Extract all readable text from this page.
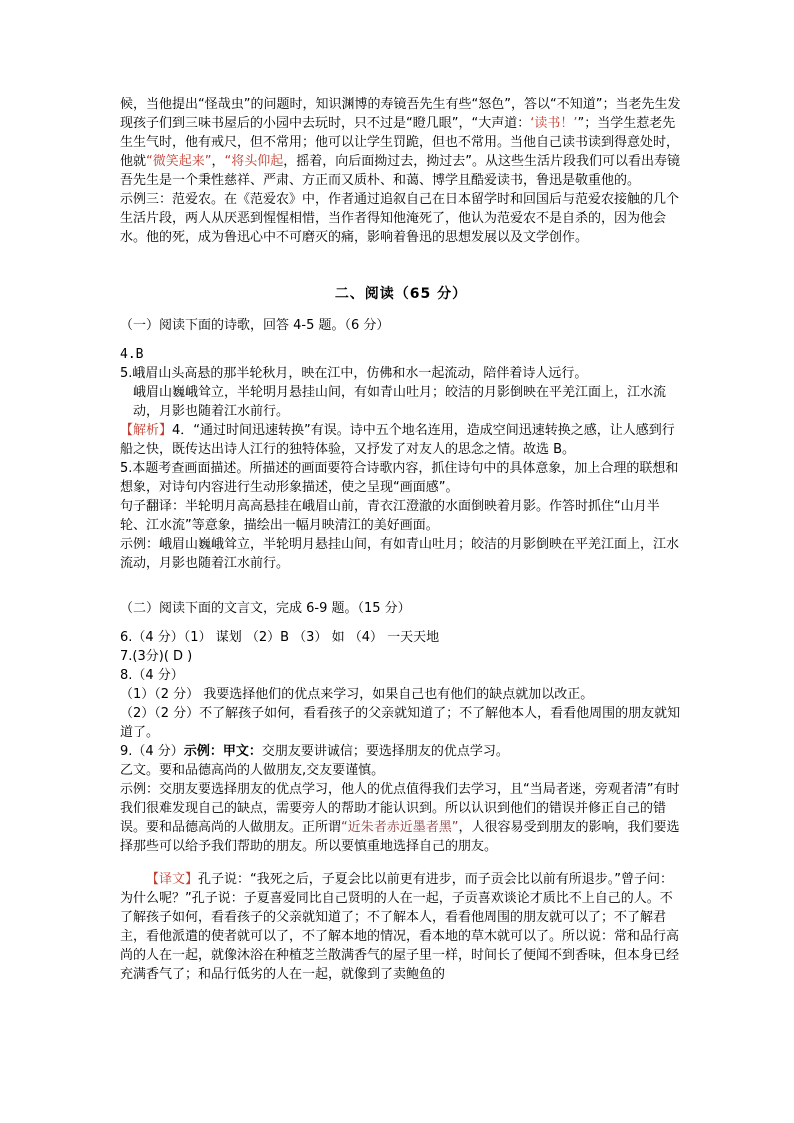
候，当他提出“怪哉虫”的问题时，知识渊博的寿镜吾先生有些“怒色”，答以“不知道”；当老先生发现孩子们到三味书屋后的小园中去玩时，只不过是“瞪几眼”，“大声道：‘读书！’”；当学生惹老先生生气时，他有戒尺，但不常用；他可以让学生罚跪，但也不常用。当他自己读书读到得意处时，他就“微笑起来”，“将头仰起，摇着，向后面拗过去，拗过去”。从这些生活片段我们可以看出寿镜吾先生是一个秉性慈祥、严肃、方正而又质朴、和蔼、博学且酷爱读书，鲁迅是敬重他的。

示例三：范爱农。在《范爱农》中，作者通过追叙自己在日本留学时和回国后与范爱农接触的几个生活片段，两人从厌恶到惺惺相惜，当作者得知他淹死了，他认为范爱农不是自杀的，因为他会水。他的死，成为鲁迅心中不可磨灭的痛，影响着鲁迅的思想发展以及文学创作。

二、阅读（65 分）

（一）阅读下面的诗歌，回答 4-5 题。（6 分）

4.B

5.峨眉山头高悬的那半轮秋月，映在江中，仿佛和水一起流动，陪伴着诗人远行。

峨眉山巍峨耸立，半轮明月悬挂山间，有如青山吐月；皎洁的月影倒映在平羌江面上，江水流动，月影也随着江水前行。

【解析】4．“通过时间迅速转换”有误。诗中五个地名连用，造成空间迅速转换之感，让人感到行船之快，既传达出诗人江行的独特体验，又抒发了对友人的思念之情。故选 B。

5.本题考查画面描述。所描述的画面要符合诗歌内容，抓住诗句中的具体意象，加上合理的联想和想象，对诗句内容进行生动形象描述，使之呈现“画面感”。

句子翻译：半轮明月高高悬挂在峨眉山前，青衣江澄澈的水面倒映着月影。作答时抓住“山月半轮、江水流”等意象，描绘出一幅月映清江的美好画面。

示例：峨眉山巍峨耸立，半轮明月悬挂山间，有如青山吐月；皎洁的月影倒映在平羌江面上，江水流动，月影也随着江水前行。

（二）阅读下面的文言文，完成 6-9 题。（15 分）

6.（4 分）（1） 谋划 （2）B （3） 如 （4） 一天天地

7.(3分)( D )

8.（4 分）

（1）（2 分） 我要选择他们的优点来学习，如果自己也有他们的缺点就加以改正。

（2）（2 分）不了解孩子如何，看看孩子的父亲就知道了；不了解他本人，看看他周围的朋友就知道了。

9.（4 分）示例：甲文：交朋友要讲诚信；要选择朋友的优点学习。

乙文。要和品德高尚的人做朋友,交友要谨慎。

示例：交朋友要选择朋友的优点学习，他人的优点值得我们去学习，且“当局者迷，旁观者清”有时我们很难发现自己的缺点，需要旁人的帮助才能认识到。所以认识到他们的错误并修正自己的错误。要和品德高尚的人做朋友。正所谓“近朱者赤近墨者黑”，人很容易受到朋友的影响，我们要选择那些可以给予我们帮助的朋友。所以要慎重地选择自己的朋友。

【译文】孔子说：“我死之后，子夏会比以前更有进步，而子贡会比以前有所退步。”曾子问：为什么呢？”孔子说：子夏喜爱同比自己贤明的人在一起，子贡喜欢谈论才质比不上自己的人。不了解孩子如何，看看孩子的父亲就知道了；不了解本人，看看他周围的朋友就可以了；不了解君主，看他派遣的使者就可以了，不了解本地的情况，看本地的草木就可以了。所以说：常和品行高尚的人在一起，就像沐浴在种植芝兰散满香气的屋子里一样，时间长了便闻不到香味，但本身已经充满香气了；和品行低劣的人在一起，就像到了卖鲍鱼的
